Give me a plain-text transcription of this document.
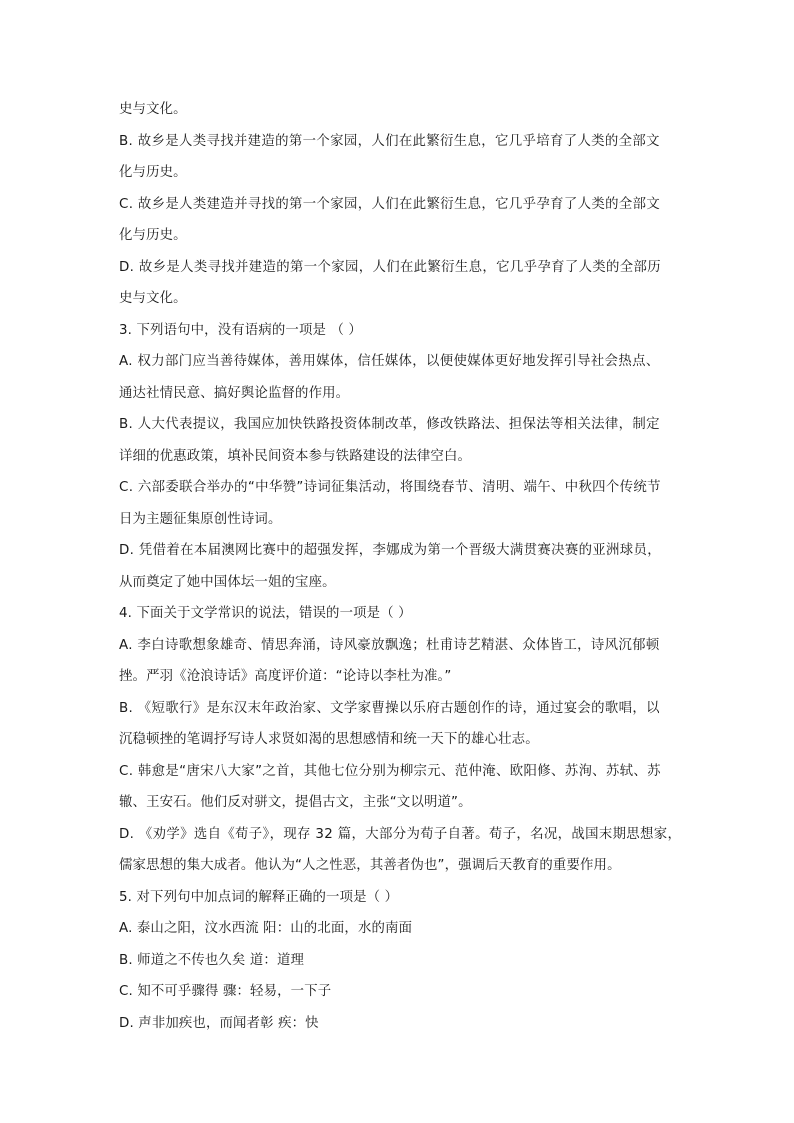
史与文化。
B. 故乡是人类寻找并建造的第一个家园，人们在此繁衍生息，它几乎培育了人类的全部文
化与历史。
C. 故乡是人类建造并寻找的第一个家园，人们在此繁衍生息，它几乎孕育了人类的全部文
化与历史。
D. 故乡是人类寻找并建造的第一个家园，人们在此繁衍生息，它几乎孕育了人类的全部历
史与文化。
3. 下列语句中，没有语病的一项是 （ ）
A. 权力部门应当善待媒体，善用媒体，信任媒体，以便使媒体更好地发挥引导社会热点、
通达社情民意、搞好舆论监督的作用。
B. 人大代表提议，我国应加快铁路投资体制改革，修改铁路法、担保法等相关法律，制定
详细的优惠政策，填补民间资本参与铁路建设的法律空白。
C. 六部委联合举办的“中华赞”诗词征集活动，将围绕春节、清明、端午、中秋四个传统节
日为主题征集原创性诗词。
D. 凭借着在本届澳网比赛中的超强发挥，李娜成为第一个晋级大满贯赛决赛的亚洲球员，
从而奠定了她中国体坛一姐的宝座。
4. 下面关于文学常识的说法，错误的一项是（ ）
A. 李白诗歌想象雄奇、情思奔涌，诗风豪放飘逸；杜甫诗艺精湛、众体皆工，诗风沉郁顿
挫。严羽《沧浪诗话》高度评价道：“论诗以李杜为准。”
B. 《短歌行》是东汉末年政治家、文学家曹操以乐府古题创作的诗，通过宴会的歌唱，以
沉稳顿挫的笔调抒写诗人求贤如渴的思想感情和统一天下的雄心壮志。
C. 韩愈是“唐宋八大家”之首，其他七位分别为柳宗元、范仲淹、欧阳修、苏洵、苏轼、苏
辙、王安石。他们反对骈文，提倡古文，主张“文以明道”。
D. 《劝学》选自《荀子》，现存 32 篇，大部分为荀子自著。荀子，名况，战国末期思想家，
儒家思想的集大成者。他认为“人之性恶，其善者伪也”，强调后天教育的重要作用。
5. 对下列句中加点词的解释正确的一项是（ ）
A. 泰山之阳，汶水西流 阳：山的北面，水的南面
B. 师道之不传也久矣 道：道理
C. 知不可乎骤得 骤：轻易，一下子
D. 声非加疾也，而闻者彰 疾：快
